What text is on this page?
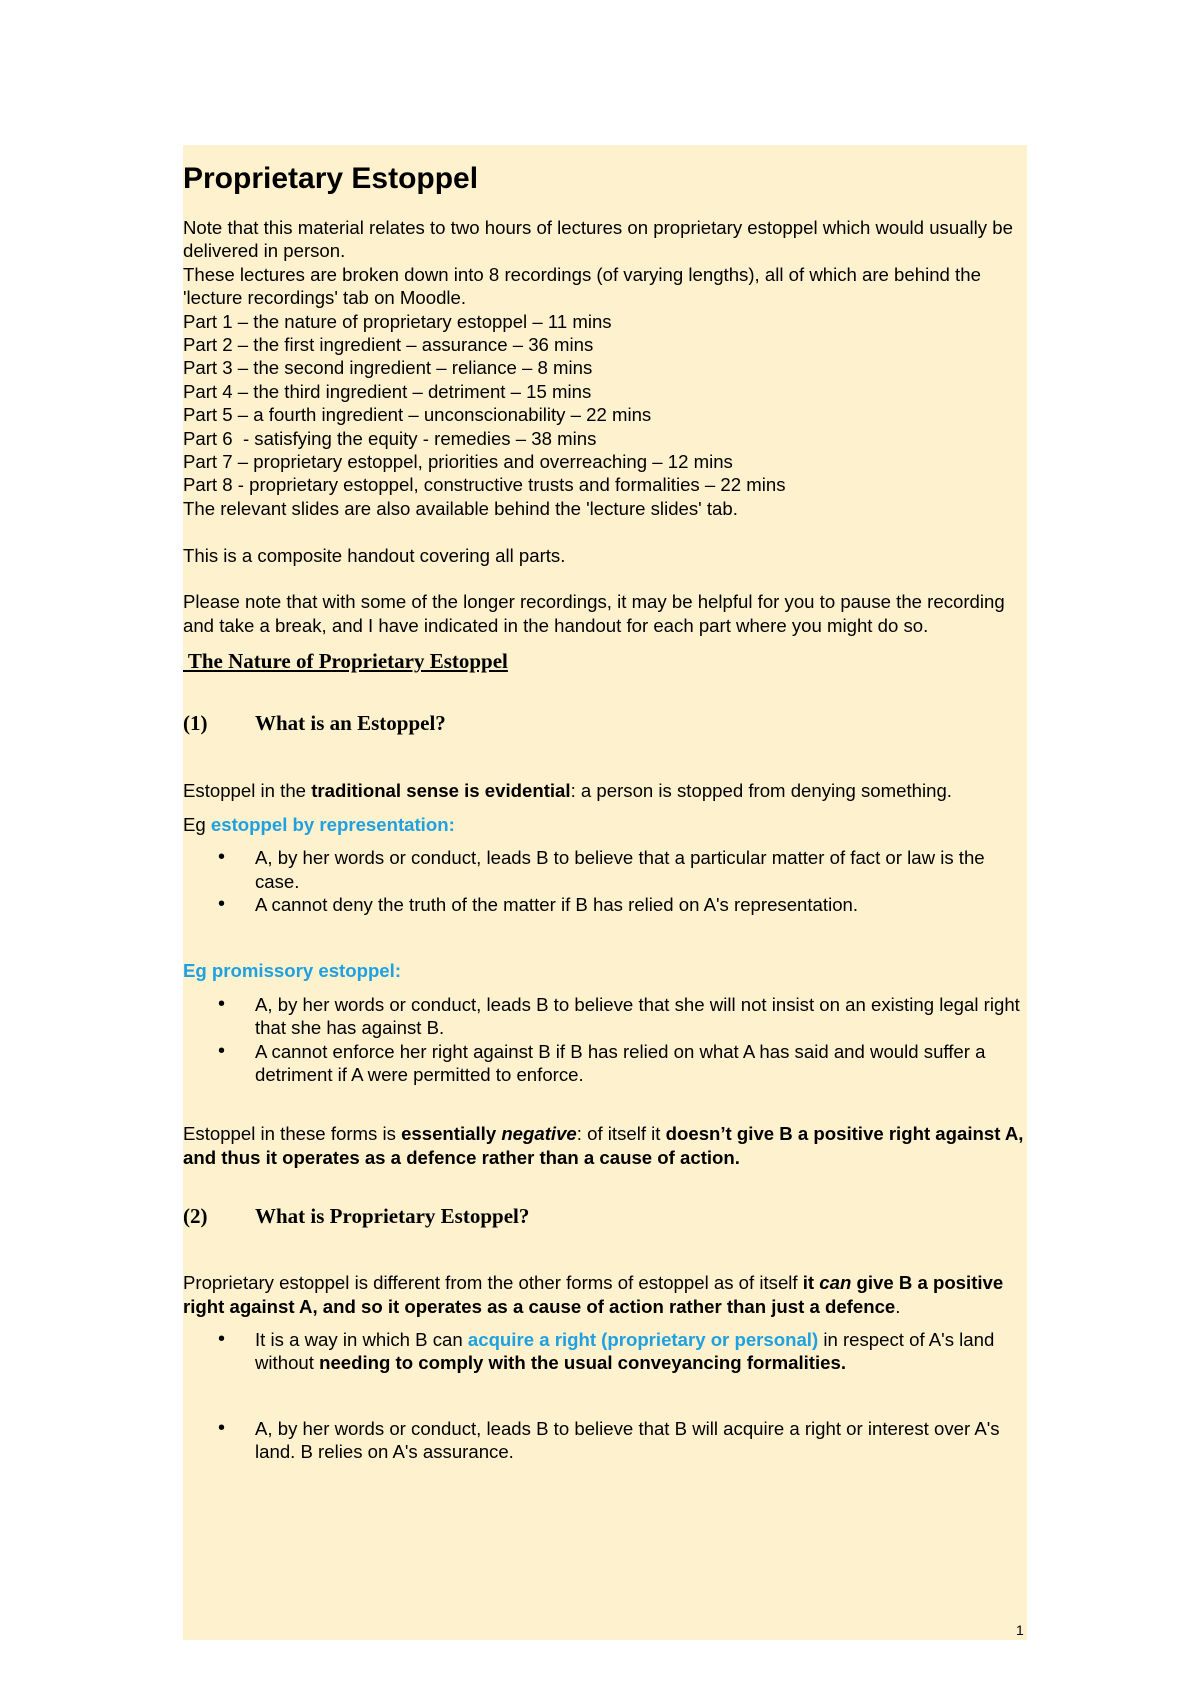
Proprietary Estoppel

Note that this material relates to two hours of lectures on proprietary estoppel which would usually be delivered in person.

These lectures are broken down into 8 recordings (of varying lengths), all of which are behind the 'lecture recordings' tab on Moodle.

Part 1 – the nature of proprietary estoppel – 11 mins

Part 2 – the first ingredient – assurance – 36 mins

Part 3 – the second ingredient – reliance – 8 mins

Part 4 – the third ingredient – detriment – 15 mins

Part 5 – a fourth ingredient – unconscionability – 22 mins

Part 6  - satisfying the equity - remedies – 38 mins

Part 7 – proprietary estoppel, priorities and overreaching – 12 mins

Part 8 - proprietary estoppel, constructive trusts and formalities – 22 mins

The relevant slides are also available behind the 'lecture slides' tab.

This is a composite handout covering all parts.

Please note that with some of the longer recordings, it may be helpful for you to pause the recording and take a break, and I have indicated in the handout for each part where you might do so.

The Nature of Proprietary Estoppel

(1) What is an Estoppel?

Estoppel in the traditional sense is evidential: a person is stopped from denying something.

Eg estoppel by representation:

• A, by her words or conduct, leads B to believe that a particular matter of fact or law is the case.
• A cannot deny the truth of the matter if B has relied on A's representation.

Eg promissory estoppel:

• A, by her words or conduct, leads B to believe that she will not insist on an existing legal right that she has against B.
• A cannot enforce her right against B if B has relied on what A has said and would suffer a detriment if A were permitted to enforce.

Estoppel in these forms is essentially negative: of itself it doesn’t give B a positive right against A, and thus it operates as a defence rather than a cause of action.

(2) What is Proprietary Estoppel?

Proprietary estoppel is different from the other forms of estoppel as of itself it can give B a positive right against A, and so it operates as a cause of action rather than just a defence.

• It is a way in which B can acquire a right (proprietary or personal) in respect of A's land without needing to comply with the usual conveyancing formalities.
• A, by her words or conduct, leads B to believe that B will acquire a right or interest over A's land. B relies on A's assurance.
1
